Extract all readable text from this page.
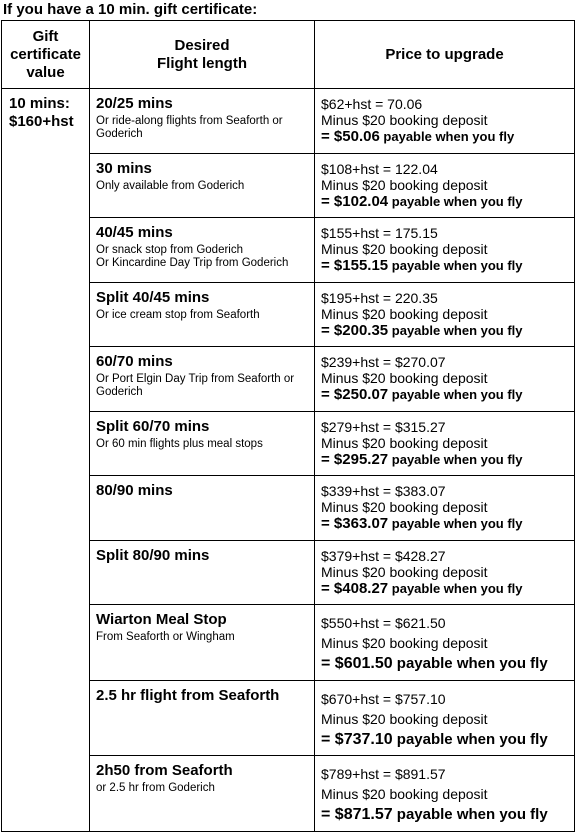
If you have a 10 min. gift certificate:
Gift
certificate
value	Desired
Flight length	Price to upgrade

10 mins:
$160+hst	20/25 mins
Or ride-along flights from Seaforth or Goderich	$62+hst = 70.06
Minus $20 booking deposit
= $50.06 payable when you fly

	30 mins
Only available from Goderich	$108+hst = 122.04
Minus $20 booking deposit
= $102.04 payable when you fly

	40/45 mins
Or snack stop from Goderich
Or Kincardine Day Trip from Goderich	$155+hst = 175.15
Minus $20 booking deposit
= $155.15 payable when you fly

	Split 40/45 mins
Or ice cream stop from Seaforth	$195+hst = 220.35
Minus $20 booking deposit
= $200.35 payable when you fly

	60/70 mins
Or Port Elgin Day Trip from Seaforth or Goderich	$239+hst = $270.07
Minus $20 booking deposit
= $250.07 payable when you fly

	Split 60/70 mins
Or 60 min flights plus meal stops	$279+hst = $315.27
Minus $20 booking deposit
= $295.27 payable when you fly

	80/90 mins	$339+hst = $383.07
Minus $20 booking deposit
= $363.07 payable when you fly

	Split 80/90 mins	$379+hst = $428.27
Minus $20 booking deposit
= $408.27 payable when you fly

	Wiarton Meal Stop
From Seaforth or Wingham	$550+hst = $621.50
Minus $20 booking deposit
= $601.50 payable when you fly

	2.5 hr flight from Seaforth	$670+hst = $757.10
Minus $20 booking deposit
= $737.10 payable when you fly

	2h50 from Seaforth
or 2.5 hr from Goderich	$789+hst = $891.57
Minus $20 booking deposit
= $871.57 payable when you fly
